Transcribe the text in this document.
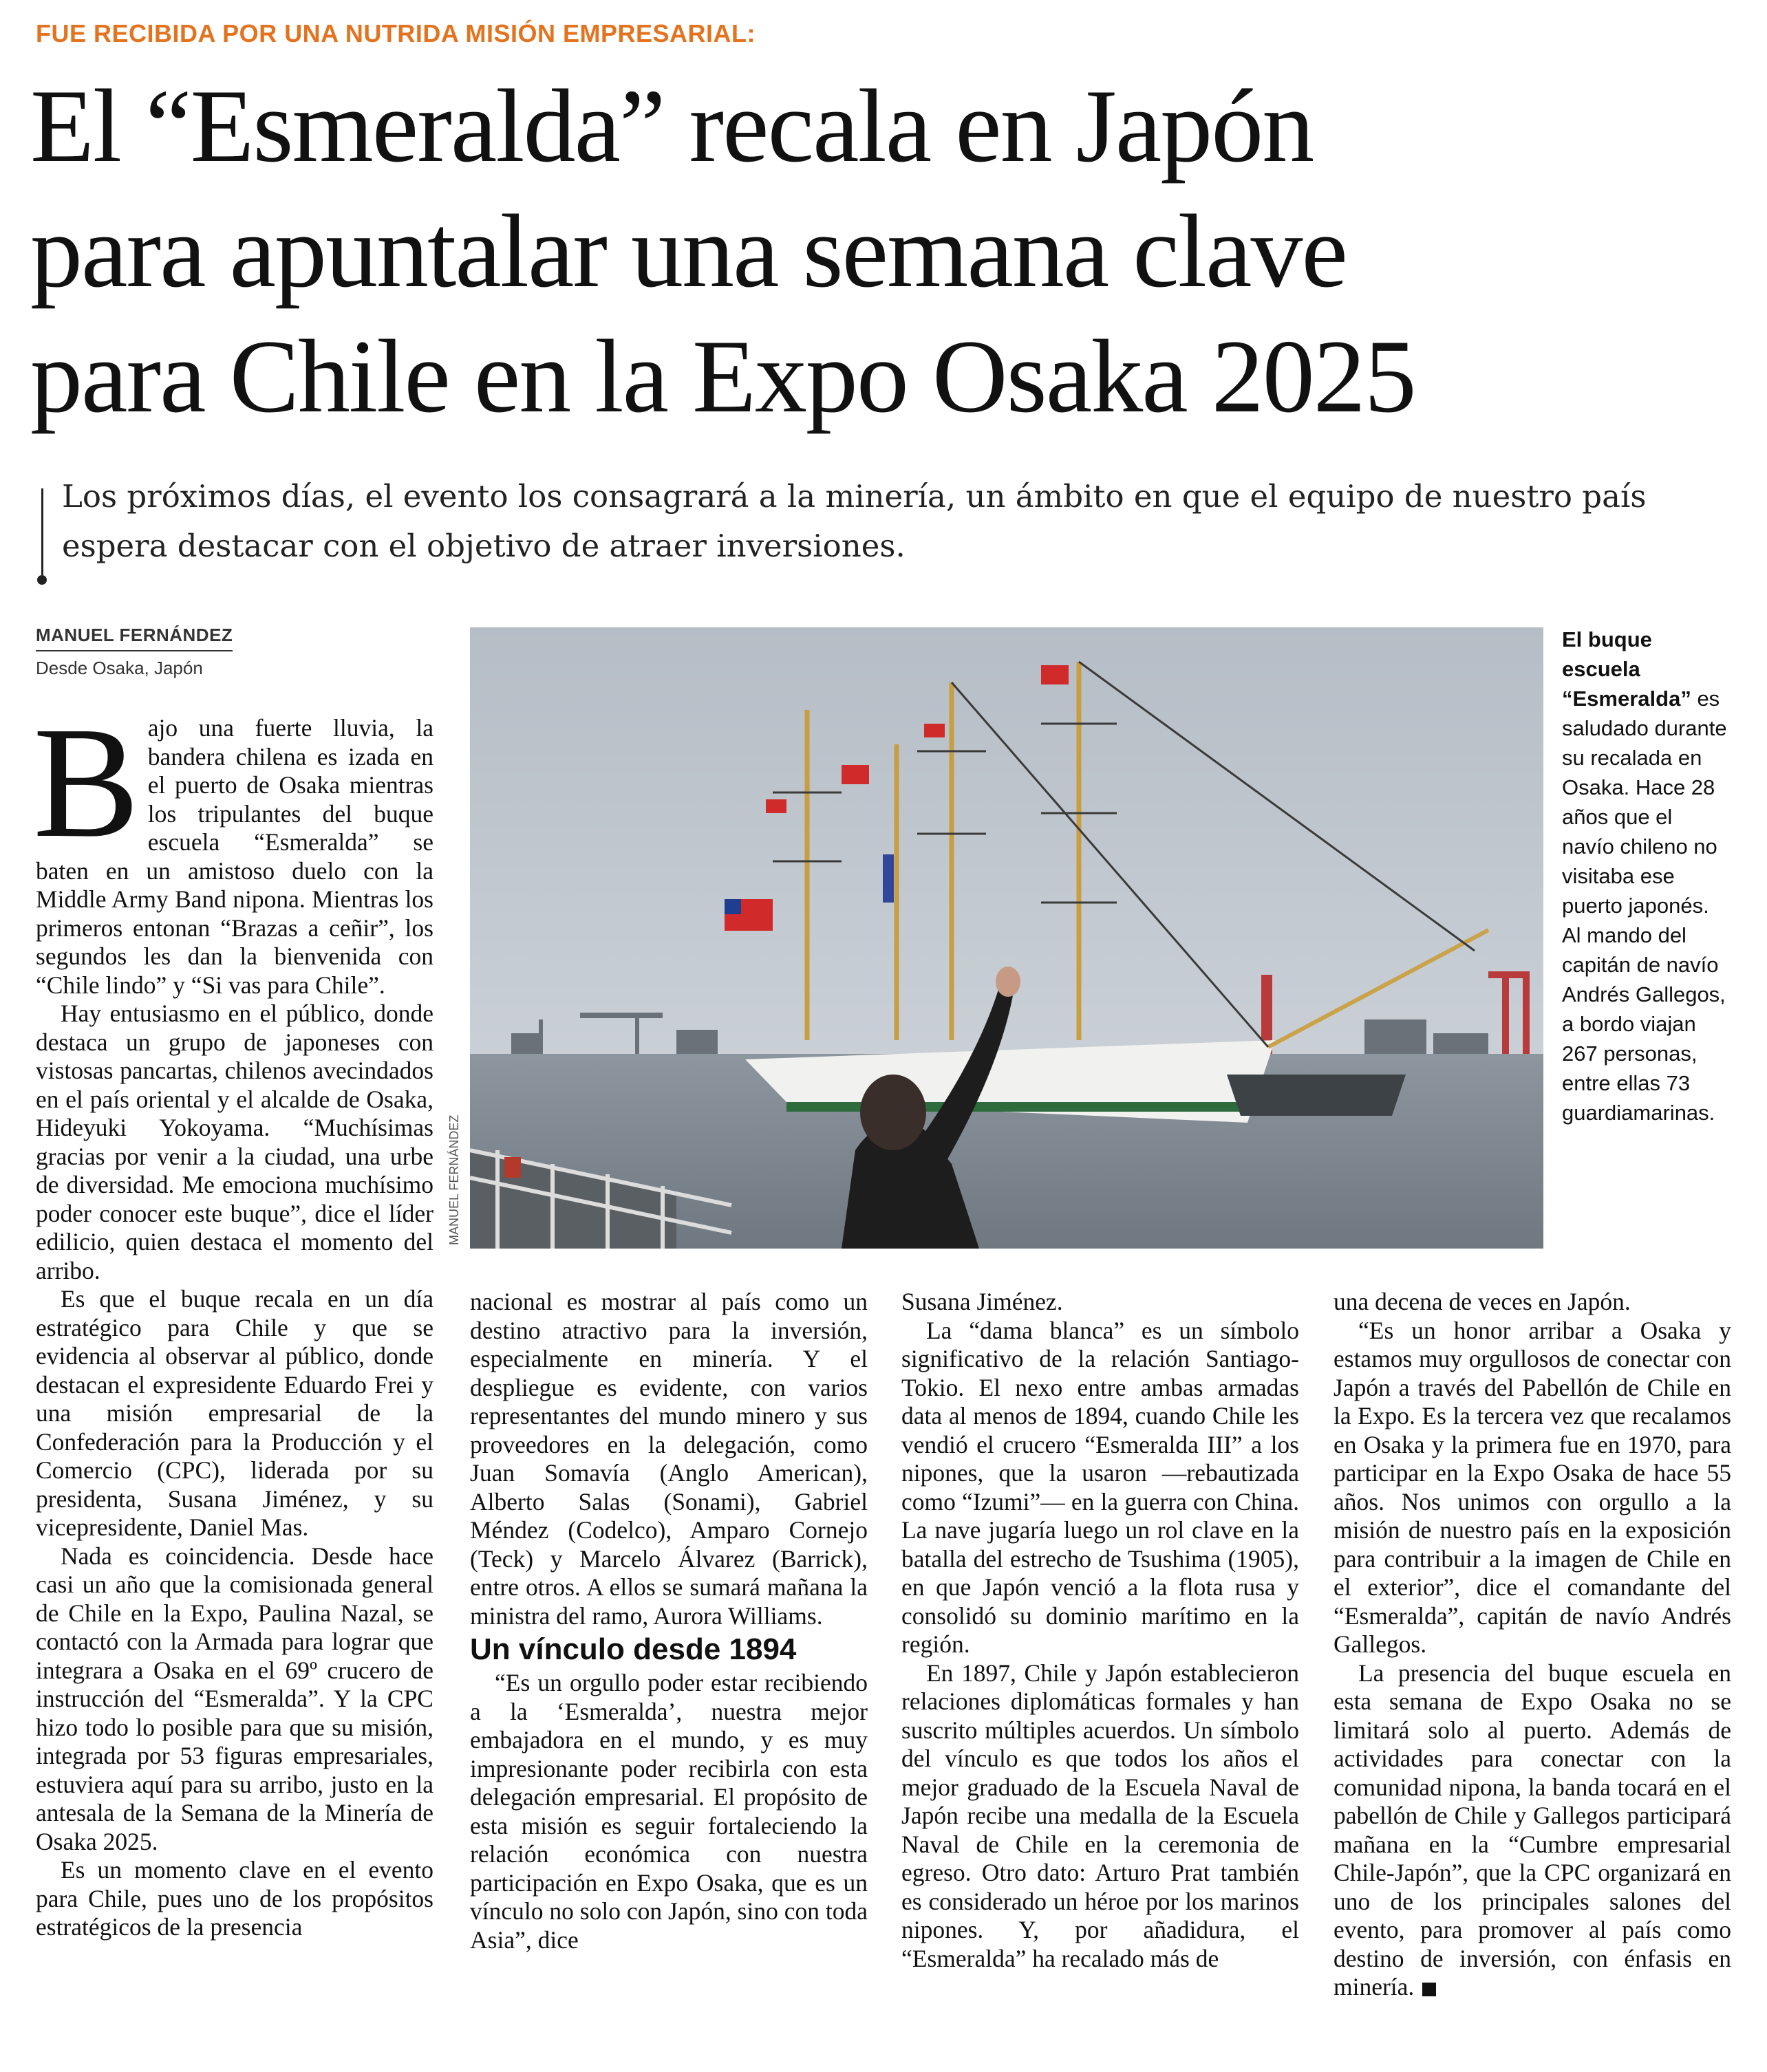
FUE RECIBIDA POR UNA NUTRIDA MISIÓN EMPRESARIAL:
El “Esmeralda” recala en Japón
para apuntalar una semana clave
para Chile en la Expo Osaka 2025
Los próximos días, el evento los consagrará a la minería, un ámbito en que el equipo de nuestro país espera destacar con el objetivo de atraer inversiones.
MANUEL FERNÁNDEZ
Desde Osaka, Japón
MANUEL FERNÁNDEZ
El buque escuela “Esmeralda” es saludado durante su recalada en Osaka. Hace 28 años que el navío chileno no visitaba ese puerto japonés. Al mando del capitán de navío Andrés Gallegos, a bordo viajan 267 personas, entre ellas 73 guardiamarinas.

Bajo una fuerte lluvia, la bandera chilena es izada en el puerto de Osaka mientras los tripulantes del buque escuela “Esmeralda” se baten en un amistoso duelo con la Middle Army Band nipona. Mientras los primeros entonan “Brazas a ceñir”, los segundos les dan la bienvenida con “Chile lindo” y “Si vas para Chile”.

Hay entusiasmo en el público, donde destaca un grupo de japoneses con vistosas pancartas, chilenos avecindados en el país oriental y el alcalde de Osaka, Hideyuki Yokoyama. “Muchísimas gracias por venir a la ciudad, una urbe de diversidad. Me emociona muchísimo poder conocer este buque”, dice el líder edilicio, quien destaca el momento del arribo.

Es que el buque recala en un día estratégico para Chile y que se evidencia al observar al público, donde destacan el expresidente Eduardo Frei y una misión empresarial de la Confederación para la Producción y el Comercio (CPC), liderada por su presidenta, Susana Jiménez, y su vicepresidente, Daniel Mas.

Nada es coincidencia. Desde hace casi un año que la comisionada general de Chile en la Expo, Paulina Nazal, se contactó con la Armada para lograr que integrara a Osaka en el 69º crucero de instrucción del “Esmeralda”. Y la CPC hizo todo lo posible para que su misión, integrada por 53 figuras empresariales, estuviera aquí para su arribo, justo en la antesala de la Semana de la Minería de Osaka 2025.

Es un momento clave en el evento para Chile, pues uno de los propósitos estratégicos de la presencia

nacional es mostrar al país como un destino atractivo para la inversión, especialmente en minería. Y el despliegue es evidente, con varios representantes del mundo minero y sus proveedores en la delegación, como Juan Somavía (Anglo American), Alberto Salas (Sonami), Gabriel Méndez (Codelco), Amparo Cornejo (Teck) y Marcelo Álvarez (Barrick), entre otros. A ellos se sumará mañana la ministra del ramo, Aurora Williams.

Un vínculo desde 1894

“Es un orgullo poder estar recibiendo a la ‘Esmeralda’, nuestra mejor embajadora en el mundo, y es muy impresionante poder recibirla con esta delegación empresarial. El propósito de esta misión es seguir fortaleciendo la relación económica con nuestra participación en Expo Osaka, que es un vínculo no solo con Japón, sino con toda Asia”, dice

Susana Jiménez.

La “dama blanca” es un símbolo significativo de la relación Santiago-Tokio. El nexo entre ambas armadas data al menos de 1894, cuando Chile les vendió el crucero “Esmeralda III” a los nipones, que la usaron —rebautizada como “Izumi”— en la guerra con China. La nave jugaría luego un rol clave en la batalla del estrecho de Tsushima (1905), en que Japón venció a la flota rusa y consolidó su dominio marítimo en la región.

En 1897, Chile y Japón establecieron relaciones diplomáticas formales y han suscrito múltiples acuerdos. Un símbolo del vínculo es que todos los años el mejor graduado de la Escuela Naval de Japón recibe una medalla de la Escuela Naval de Chile en la ceremonia de egreso. Otro dato: Arturo Prat también es considerado un héroe por los marinos nipones. Y, por añadidura, el “Esmeralda” ha recalado más de

una decena de veces en Japón.

“Es un honor arribar a Osaka y estamos muy orgullosos de conectar con Japón a través del Pabellón de Chile en la Expo. Es la tercera vez que recalamos en Osaka y la primera fue en 1970, para participar en la Expo Osaka de hace 55 años. Nos unimos con orgullo a la misión de nuestro país en la exposición para contribuir a la imagen de Chile en el exterior”, dice el comandante del “Esmeralda”, capitán de navío Andrés Gallegos.

La presencia del buque escuela en esta semana de Expo Osaka no se limitará solo al puerto. Además de actividades para conectar con la comunidad nipona, la banda tocará en el pabellón de Chile y Gallegos participará mañana en la “Cumbre empresarial Chile-Japón”, que la CPC organizará en uno de los principales salones del evento, para promover al país como destino de inversión, con énfasis en minería.
